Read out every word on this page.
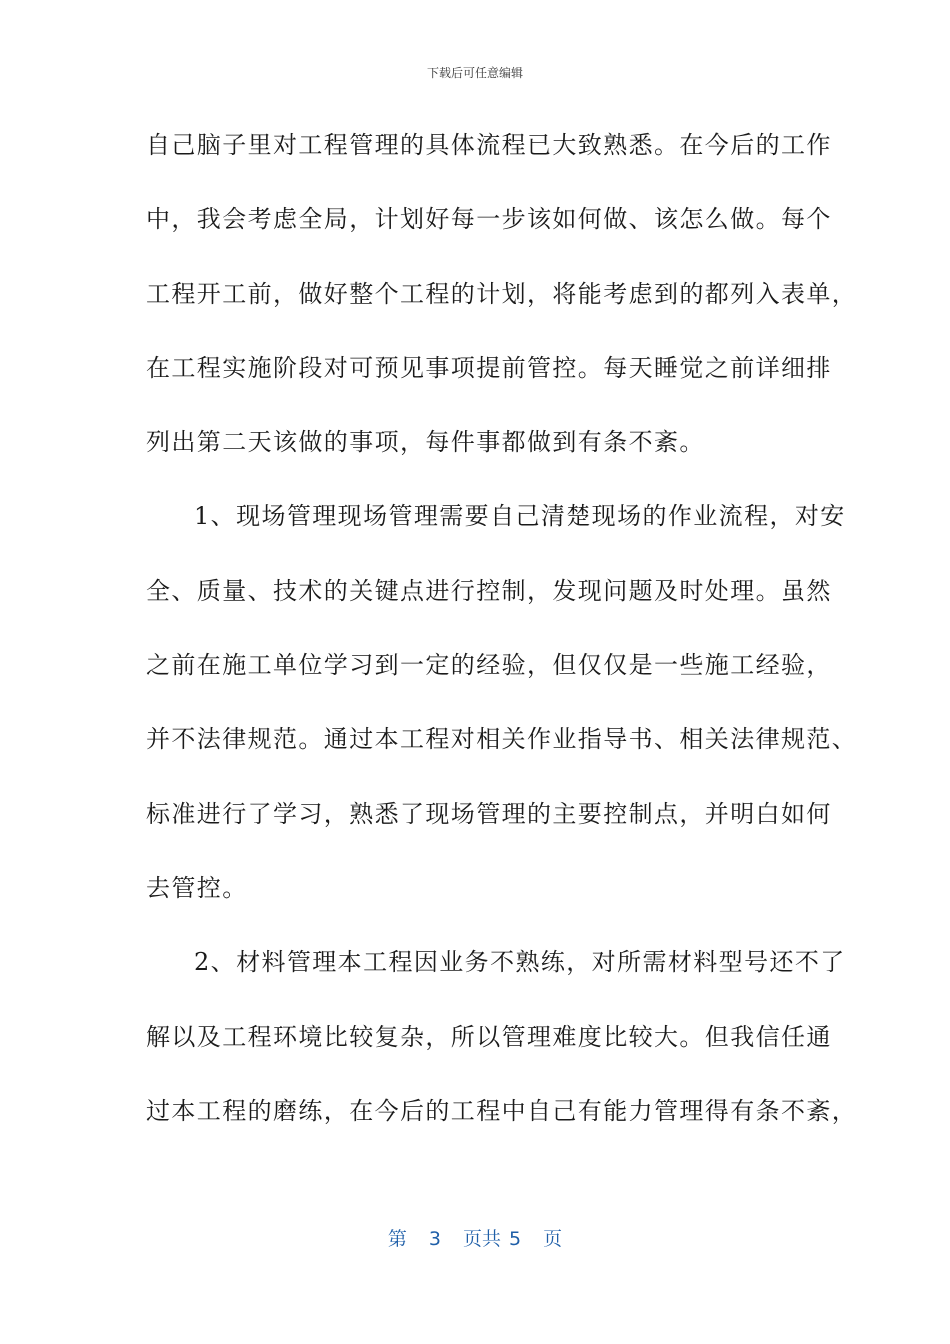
下载后可任意编辑
自己脑子里对工程管理的具体流程已大致熟悉。在今后的工作
中，我会考虑全局，计划好每一步该如何做、该怎么做。每个
工程开工前，做好整个工程的计划，将能考虑到的都列入表单，
在工程实施阶段对可预见事项提前管控。每天睡觉之前详细排
列出第二天该做的事项，每件事都做到有条不紊。
1、现场管理现场管理需要自己清楚现场的作业流程，对安
全、质量、技术的关键点进行控制，发现问题及时处理。虽然
之前在施工单位学习到一定的经验，但仅仅是一些施工经验，
并不法律规范。通过本工程对相关作业指导书、相关法律规范、
标准进行了学习，熟悉了现场管理的主要控制点，并明白如何
去管控。
2、材料管理本工程因业务不熟练，对所需材料型号还不了
解以及工程环境比较复杂，所以管理难度比较大。但我信任通
过本工程的磨练，在今后的工程中自己有能力管理得有条不紊，
第 3 页共 5 页
